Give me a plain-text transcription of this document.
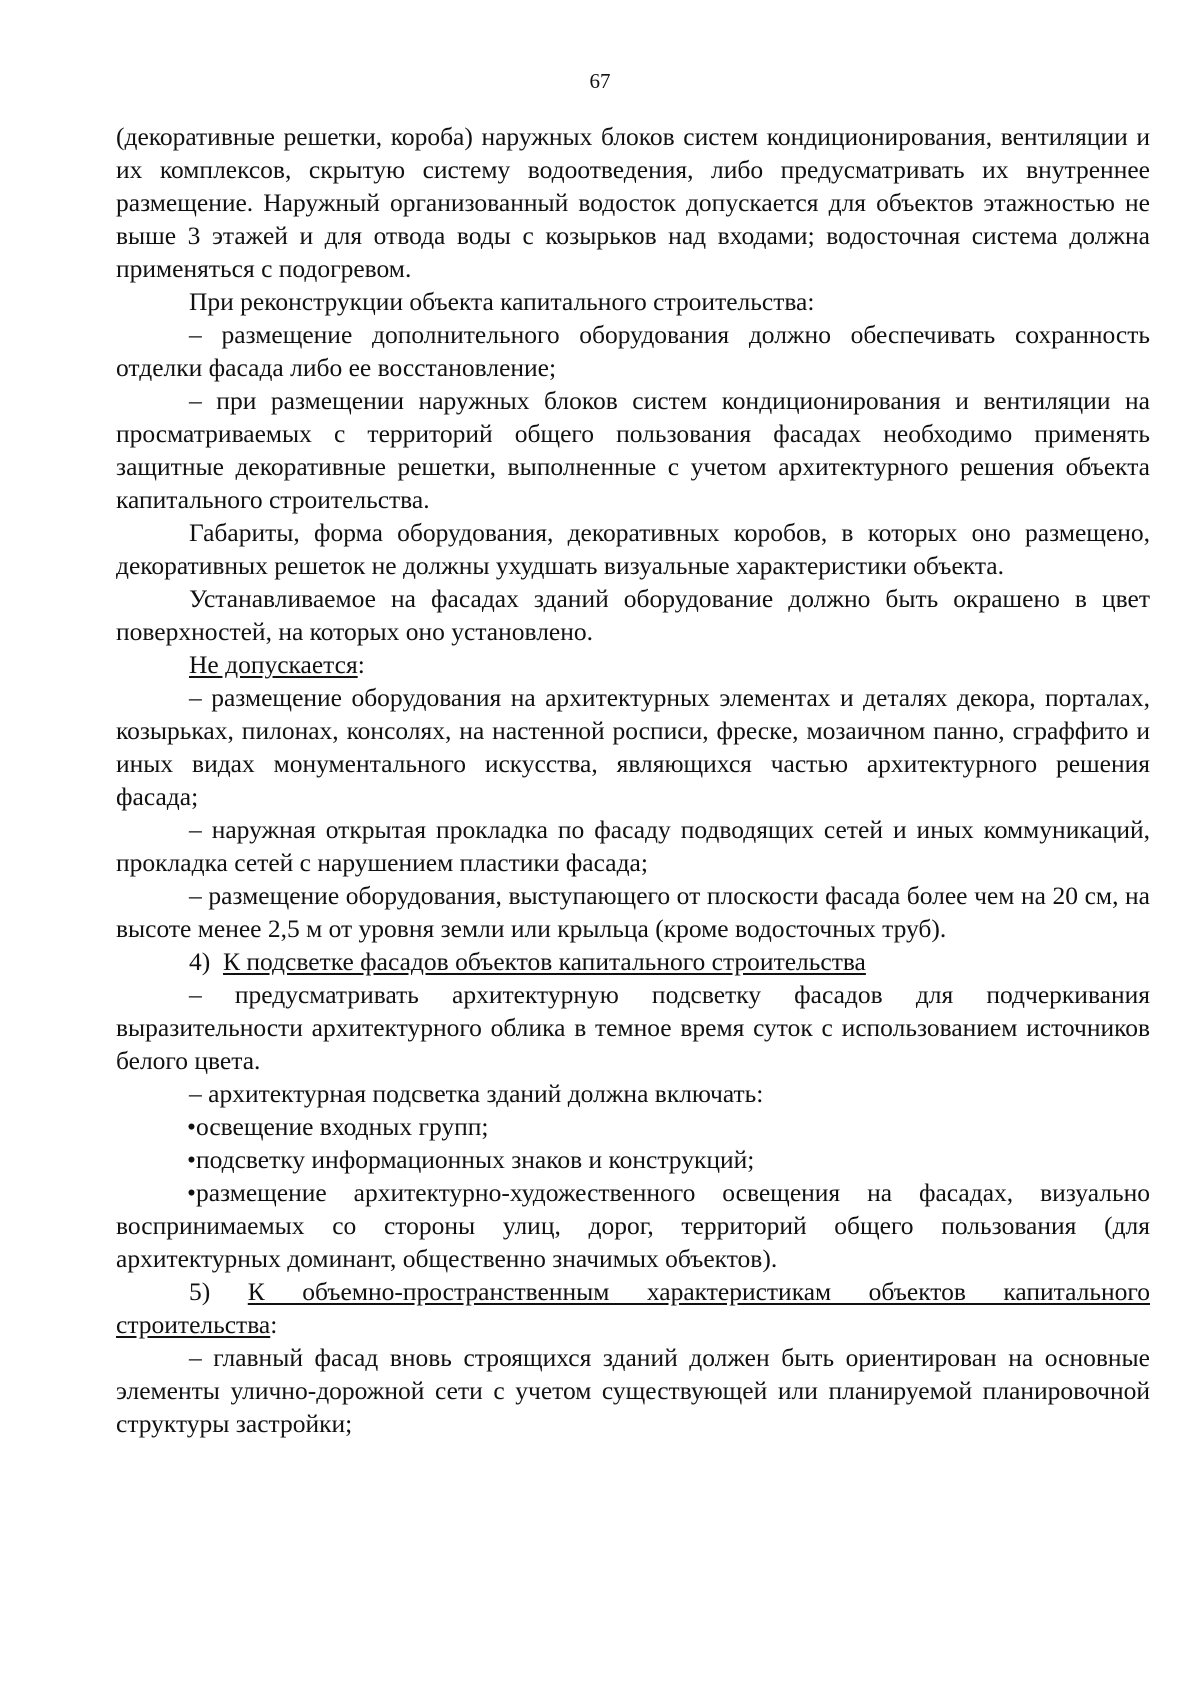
67

(декоративные решетки, короба) наружных блоков систем кондиционирования, вентиляции и их комплексов, скрытую систему водоотведения, либо предусматривать их внутреннее размещение. Наружный организованный водосток допускается для объектов этажностью не выше 3 этажей и для отвода воды с козырьков над входами; водосточная система должна применяться с подогревом.

При реконструкции объекта капитального строительства:

– размещение дополнительного оборудования должно обеспечивать сохранность отделки фасада либо ее восстановление;

– при размещении наружных блоков систем кондиционирования и вентиляции на просматриваемых с территорий общего пользования фасадах необходимо применять защитные декоративные решетки, выполненные с учетом архитектурного решения объекта капитального строительства.

Габариты, форма оборудования, декоративных коробов, в которых оно размещено, декоративных решеток не должны ухудшать визуальные характеристики объекта.

Устанавливаемое на фасадах зданий оборудование должно быть окрашено в цвет поверхностей, на которых оно установлено.

Не допускается:

– размещение оборудования на архитектурных элементах и деталях декора, порталах, козырьках, пилонах, консолях, на настенной росписи, фреске, мозаичном панно, сграффито и иных видах монументального искусства, являющихся частью архитектурного решения фасада;

– наружная открытая прокладка по фасаду подводящих сетей и иных коммуникаций, прокладка сетей с нарушением пластики фасада;

– размещение оборудования, выступающего от плоскости фасада более чем на 20 см, на высоте менее 2,5 м от уровня земли или крыльца (кроме водосточных труб).

4) К подсветке фасадов объектов капитального строительства

– предусматривать архитектурную подсветку фасадов для подчеркивания выразительности архитектурного облика в темное время суток с использованием источников белого цвета.

– архитектурная подсветка зданий должна включать:

•освещение входных групп;

•подсветку информационных знаков и конструкций;

•размещение архитектурно-художественного освещения на фасадах, визуально воспринимаемых со стороны улиц, дорог, территорий общего пользования (для архитектурных доминант, общественно значимых объектов).

5) К объемно-пространственным характеристикам объектов капитального строительства:

– главный фасад вновь строящихся зданий должен быть ориентирован на основные элементы улично-дорожной сети с учетом существующей или планируемой планировочной структуры застройки;
